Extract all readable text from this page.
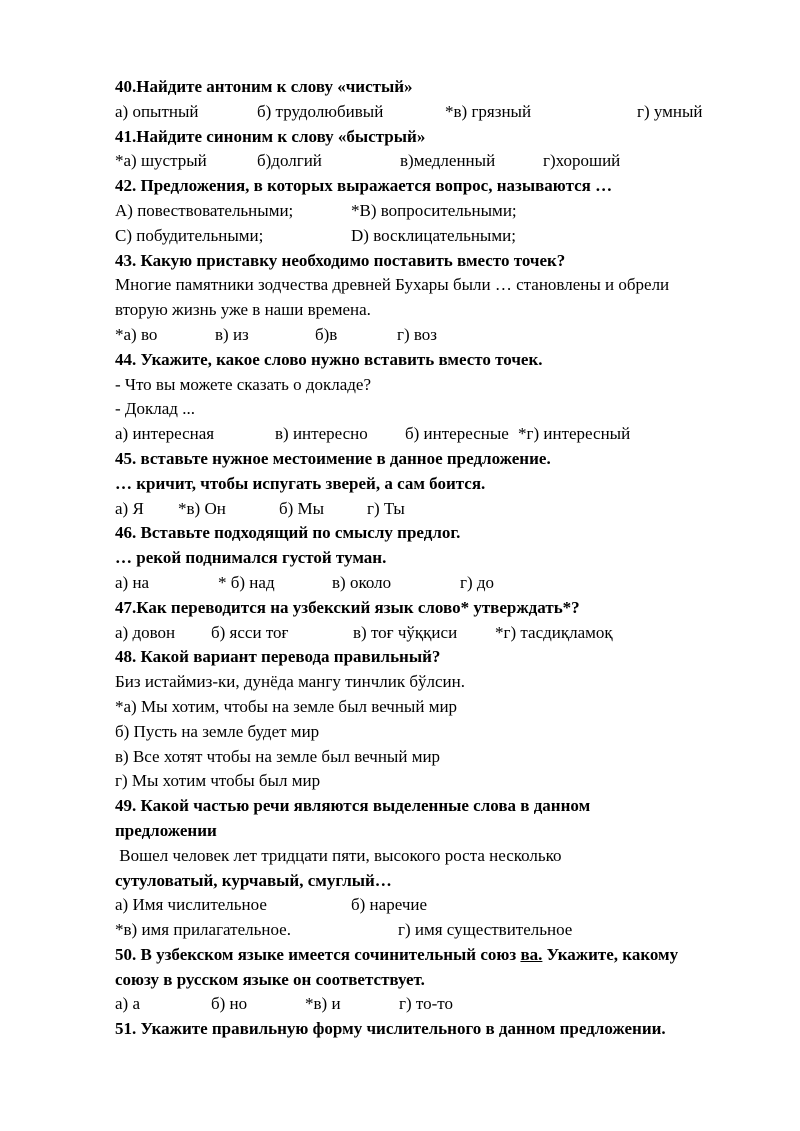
40.Найдите антоним к слову «чистый»
а) опытный	б) трудолюбивый	*в) грязный	г) умный
41.Найдите синоним к слову «быстрый»
*а) шустрый	б)долгий	в)медленный	г)хороший
42. Предложения, в которых выражается вопрос, называются …
А) повествовательными;	*В) вопросительными;
С) побудительными;	D) восклицательными;
43. Какую приставку необходимо поставить вместо точек?
Многие памятники зодчества древней Бухары были … становлены и обрели
вторую жизнь уже в наши времена.
*а) во	в) из	б)в	г) воз
44. Укажите, какое слово нужно вставить вместо точек.
- Что вы можете сказать о докладе?
- Доклад ...
а) интересная	в) интересно б) интересные *г) интересный
45. вставьте нужное местоимение в данное предложение.
… кричит, чтобы испугать зверей, а сам боится.
а) Я *в) Он	б) Мы	г) Ты
46. Вставьте подходящий по смыслу предлог.
… рекой поднимался густой туман.
а) на	* б) над	в) около	г) до
47.Как переводится на узбекский язык слово* утверждать*?
а) довон б) ясси тоғ	в) тоғ чўққиси *г) тасдиқламоқ
48. Какой вариант перевода правильный?
Биз истаймиз-ки, дунёда мангу тинчлик бўлсин.
*а) Мы хотим, чтобы на земле был вечный мир
б) Пусть на земле будет мир
в) Все хотят чтобы на земле был вечный мир
г) Мы хотим чтобы был мир
49. Какой частью речи являются выделенные слова в данном
предложении
Вошел человек лет тридцати пяти, высокого роста несколько
сутуловатый, курчавый, смуглый…
а) Имя числительное	б) наречие
*в) имя прилагательное.	г) имя существительное
50. В узбекском языке имеется сочинительный союз ва. Укажите, какому
союзу в русском языке он соответствует.
а) а	б) но	*в) и	г) то-то
51. Укажите правильную форму числительного в данном предложении.
